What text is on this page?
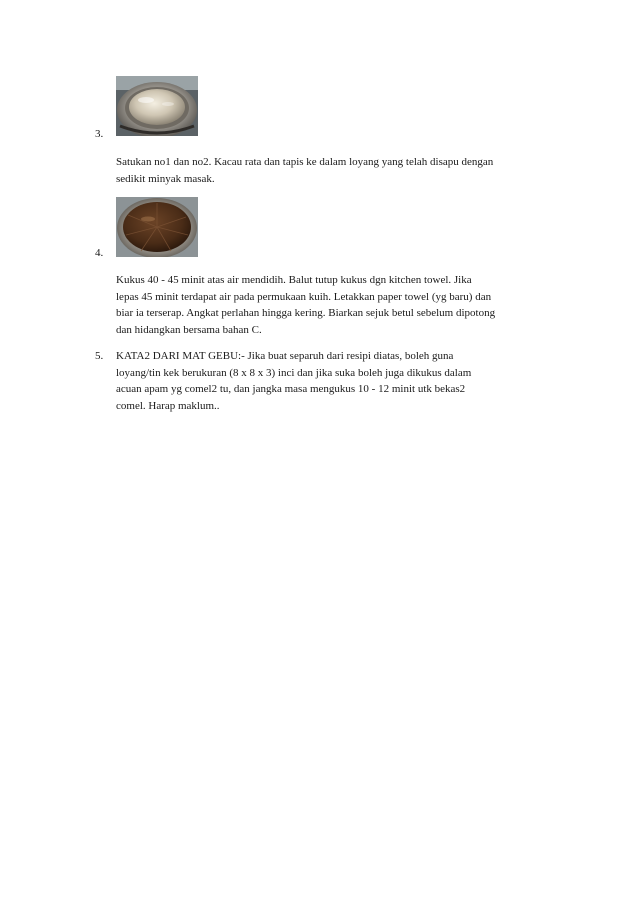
3.
Satukan no1 dan no2. Kacau rata dan tapis ke dalam loyang yang telah disapu dengan
sedikit minyak masak.
4.
Kukus 40 - 45 minit atas air mendidih. Balut tutup kukus dgn kitchen towel. Jika
lepas 45 minit terdapat air pada permukaan kuih. Letakkan paper towel (yg baru) dan
biar ia terserap. Angkat perlahan hingga kering. Biarkan sejuk betul sebelum dipotong
dan hidangkan bersama bahan C.
5. KATA2 DARI MAT GEBU:- Jika buat separuh dari resipi diatas, boleh guna
loyang/tin kek berukuran (8 x 8 x 3) inci dan jika suka boleh juga dikukus dalam
acuan apam yg comel2 tu, dan jangka masa mengukus 10 - 12 minit utk bekas2
comel. Harap maklum..
